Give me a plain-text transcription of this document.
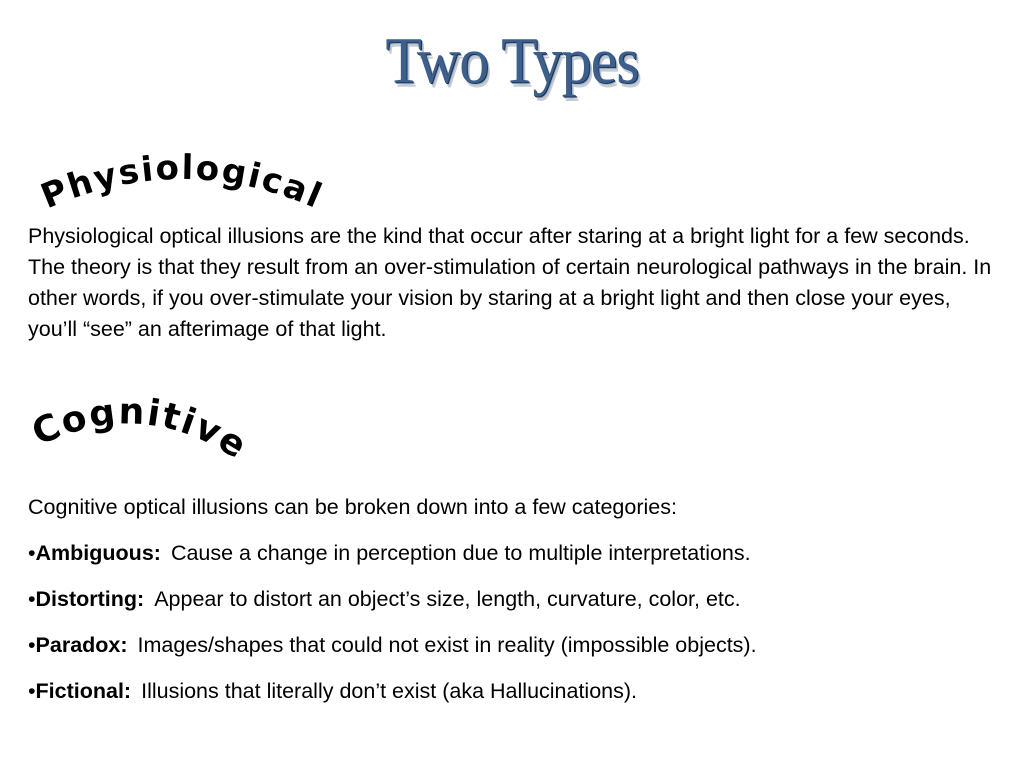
Two Types
Physiological
Physiological optical illusions are the kind that occur after staring at a bright light for a few seconds. The theory is that they result from an over-stimulation of certain neurological pathways in the brain. In other words, if you over-stimulate your vision by staring at a bright light and then close your eyes, you’ll “see” an afterimage of that light.
Cognitive
Cognitive optical illusions can be broken down into a few categories:
•Ambiguous: Cause a change in perception due to multiple interpretations.
•Distorting: Appear to distort an object’s size, length, curvature, color, etc.
•Paradox: Images/shapes that could not exist in reality (impossible objects).
•Fictional: Illusions that literally don’t exist (aka Hallucinations).
